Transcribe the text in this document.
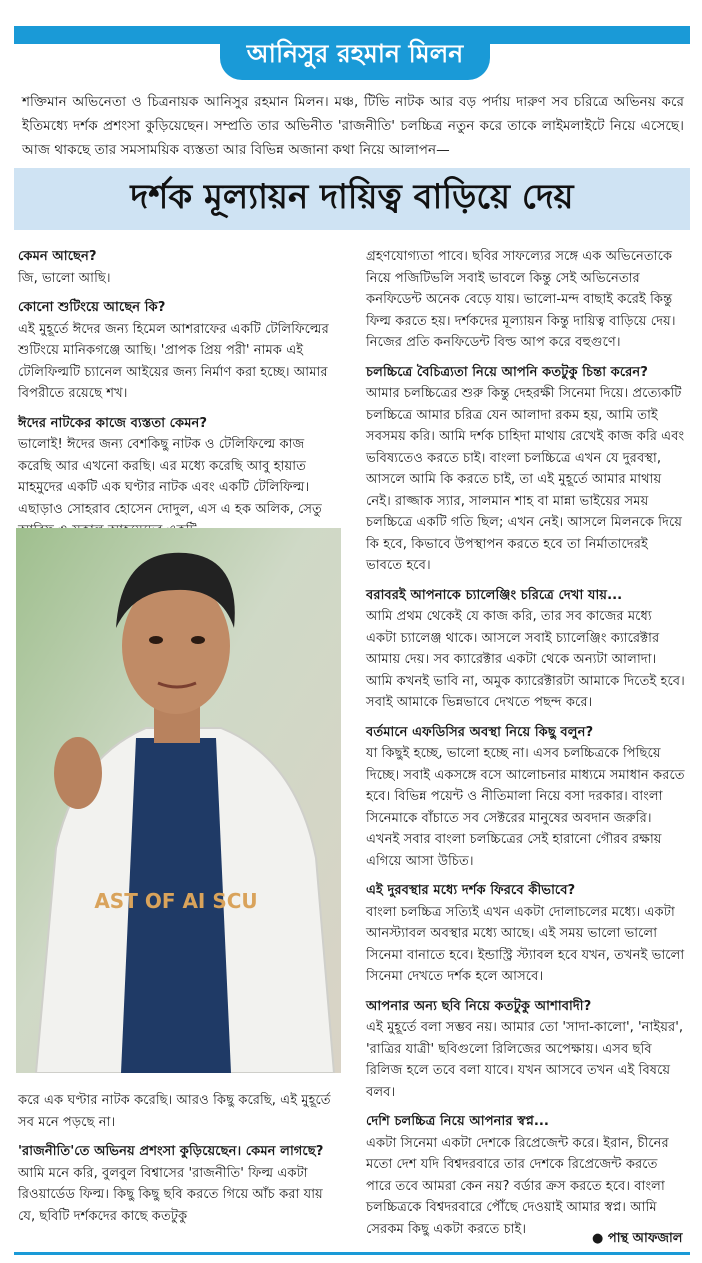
আনিসুর রহমান মিলন

শক্তিমান অভিনেতা ও চিত্রনায়ক আনিসুর রহমান মিলন। মঞ্চ, টিভি নাটক আর বড় পর্দায় দারুণ সব চরিত্রে অভিনয় করে ইতিমধ্যে দর্শক প্রশংসা কুড়িয়েছেন। সম্প্রতি তার অভিনীত 'রাজনীতি' চলচ্চিত্র নতুন করে তাকে লাইমলাইটে নিয়ে এসেছে। আজ থাকছে তার সমসাময়িক ব্যস্ততা আর বিভিন্ন অজানা কথা নিয়ে আলাপন—

দর্শক মূল্যায়ন দায়িত্ব বাড়িয়ে দেয়

কেমন আছেন?

জি, ভালো আছি।

কোনো শুটিংয়ে আছেন কি?

এই মুহূর্তে ঈদের জন্য হিমেল আশরাফের একটি টেলিফিল্মের শুটিংয়ে মানিকগঞ্জে আছি। 'প্রাপক প্রিয় পরী' নামক এই টেলিফিল্মটি চ্যানেল আইয়ের জন্য নির্মাণ করা হচ্ছে। আমার বিপরীতে রয়েছে শখ।

ঈদের নাটকের কাজে ব্যস্ততা কেমন?

ভালোই! ঈদের জন্য বেশকিছু নাটক ও টেলিফিল্মে কাজ করেছি আর এখনো করছি। এর মধ্যে করেছি আবু হায়াত মাহমুদের একটি এক ঘণ্টার নাটক এবং একটি টেলিফিল্ম। এছাড়াও সোহরাব হোসেন দোদুল, এস এ হক অলিক, সেতু

AST OF AI SCU

করে এক ঘণ্টার নাটক করেছি। আরও কিছু করেছি, এই মুহূর্তে সব মনে পড়ছে না।

'রাজনীতি'তে অভিনয় প্রশংসা কুড়িয়েছেন। কেমন লাগছে?

আমি মনে করি, বুলবুল বিশ্বাসের 'রাজনীতি' ফিল্ম একটা রিওয়ার্ডেড ফিল্ম। কিছু কিছু ছবি করতে গিয়ে আঁচ করা যায় যে, ছবিটি দর্শকদের কাছে কতটুকু

গ্রহণযোগ্যতা পাবে। ছবির সাফল্যের সঙ্গে এক অভিনেতাকে নিয়ে পজিটিভলি সবাই ভাবলে কিন্তু সেই অভিনেতার কনফিডেন্ট অনেক বেড়ে যায়। ভালো-মন্দ বাছাই করেই কিন্তু ফিল্ম করতে হয়। দর্শকদের মূল্যায়ন কিন্তু দায়িত্ব বাড়িয়ে দেয়। নিজের প্রতি কনফিডেন্ট বিল্ড আপ করে বহুগুণে।

চলচ্চিত্রে বৈচিত্র্যতা নিয়ে আপনি কতটুকু চিন্তা করেন?

আমার চলচ্চিত্রের শুরু কিন্তু দেহরক্ষী সিনেমা দিয়ে। প্রত্যেকটি চলচ্চিত্রে আমার চরিত্র যেন আলাদা রকম হয়, আমি তাই সবসময় করি। আমি দর্শক চাহিদা মাথায় রেখেই কাজ করি এবং ভবিষ্যতেও করতে চাই। বাংলা চলচ্চিত্রে এখন যে দুরবস্থা, আসলে আমি কি করতে চাই, তা এই মুহূর্তে আমার মাথায় নেই। রাজ্জাক স্যার, সালমান শাহ বা মান্না ভাইয়ের সময় চলচ্চিত্রে একটি গতি ছিল; এখন নেই। আসলে মিলনকে দিয়ে কি হবে, কিভাবে উপস্থাপন করতে হবে তা নির্মাতাদেরই ভাবতে হবে।

বরাবরই আপনাকে চ্যালেঞ্জিং চরিত্রে দেখা যায়...

আমি প্রথম থেকেই যে কাজ করি, তার সব কাজের মধ্যে একটা চ্যালেঞ্জ থাকে। আসলে সবাই চ্যালেঞ্জিং ক্যারেক্টার আমায় দেয়। সব ক্যারেক্টার একটা থেকে অন্যটা আলাদা। আমি কখনই ভাবি না, অমুক ক্যারেক্টারটা আমাকে দিতেই হবে। সবাই আমাকে ভিন্নভাবে দেখতে পছন্দ করে।

বর্তমানে এফডিসির অবস্থা নিয়ে কিছু বলুন?

যা কিছুই হচ্ছে, ভালো হচ্ছে না। এসব চলচ্চিত্রকে পিছিয়ে দিচ্ছে। সবাই একসঙ্গে বসে আলোচনার মাধ্যমে সমাধান করতে হবে। বিভিন্ন পয়েন্ট ও নীতিমালা নিয়ে বসা দরকার। বাংলা সিনেমাকে বাঁচাতে সব সেক্টরের মানুষের অবদান জরুরি। এখনই সবার বাংলা চলচ্চিত্রের সেই হারানো গৌরব রক্ষায় এগিয়ে আসা উচিত।

এই দুরবস্থার মধ্যে দর্শক ফিরবে কীভাবে?

বাংলা চলচ্চিত্র সত্যিই এখন একটা দোলাচলের মধ্যে। একটা আনস্ট্যাবল অবস্থার মধ্যে আছে। এই সময় ভালো ভালো সিনেমা বানাতে হবে। ইন্ডাস্ট্রি স্ট্যাবল হবে যখন, তখনই ভালো সিনেমা দেখতে দর্শক হলে আসবে।

আপনার অন্য ছবি নিয়ে কতটুকু আশাবাদী?

এই মুহূর্তে বলা সম্ভব নয়। আমার তো 'সাদা-কালো', 'নাইয়র', 'রাত্রির যাত্রী' ছবিগুলো রিলিজের অপেক্ষায়। এসব ছবি রিলিজ হলে তবে বলা যাবে। যখন আসবে তখন এই বিষয়ে বলব।

দেশি চলচ্চিত্র নিয়ে আপনার স্বপ্ন...

একটা সিনেমা একটা দেশকে রিপ্রেজেন্ট করে। ইরান, চীনের মতো দেশ যদি বিশ্বদরবারে তার দেশকে রিপ্রেজেন্ট করতে পারে তবে আমরা কেন নয়? বর্ডার ক্রস করতে হবে। বাংলা চলচ্চিত্রকে বিশ্বদরবারে পৌঁছে দেওয়াই আমার স্বপ্ন। আমি সেরকম কিছু একটা করতে চাই।

● পান্থ আফজাল
